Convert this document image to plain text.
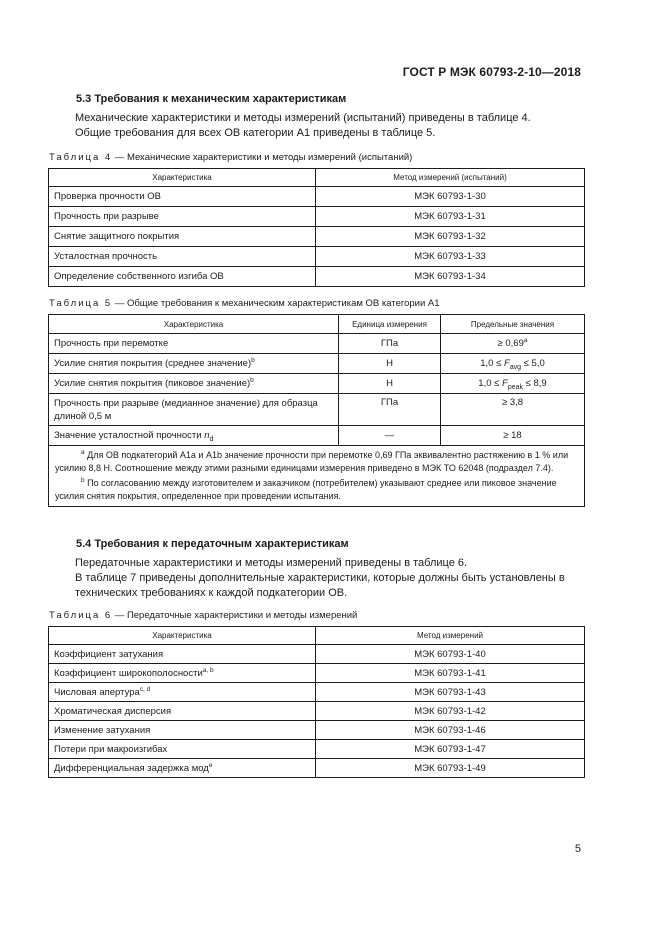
ГОСТ Р МЭК 60793-2-10—2018
5.3 Требования к механическим характеристикам
Механические характеристики и методы измерений (испытаний) приведены в таблице 4.
Общие требования для всех ОВ категории А1 приведены в таблице 5.
Таблица 4 — Механические характеристики и методы измерений (испытаний)
Характеристика	Метод измерений (испытаний)
Проверка прочности ОВ	МЭК 60793-1-30
Прочность при разрыве	МЭК 60793-1-31
Снятие защитного покрытия	МЭК 60793-1-32
Усталостная прочность	МЭК 60793-1-33
Определение собственного изгиба ОВ	МЭК 60793-1-34
Таблица 5 — Общие требования к механическим характеристикам ОВ категории А1
Характеристика	Единица измерения	Предельные значения
Прочность при перемотке	ГПа	≥ 0,69$^a$
Усилие снятия покрытия (среднее значение)$^b$	Н	$1,0 \le F_{avg} \le 5,0$
Усилие снятия покрытия (пиковое значение)$^b$	Н	$1,0 \le F_{peak} \le 8,9$
Прочность при разрыве (медианное значение) для образца длиной 0,5 м	ГПа	≥ 3,8
Значение усталостной прочности $n_d$	—	≥ 18

$^a$ Для ОВ подкатегорий А1а и А1b значение прочности при перемотке 0,69 ГПа эквивалентно растяжению в 1 % или усилию 8,8 Н. Соотношение между этими разными единицами измерения приведено в МЭК ТО 62048 (подраздел 7.4).
$^b$ По согласованию между изготовителем и заказчиком (потребителем) указывают среднее или пиковое значение усилия снятия покрытия, определенное при проведении испытания.		
5.4 Требования к передаточным характеристикам
Передаточные характеристики и методы измерений приведены в таблице 6.
В таблице 7 приведены дополнительные характеристики, которые должны быть установлены в технических требованиях к каждой подкатегории ОВ.
Таблица 6 — Передаточные характеристики и методы измерений
Характеристика	Метод измерений
Коэффициент затухания	МЭК 60793-1-40
Коэффициент широкополосности$^{a, b}$	МЭК 60793-1-41
Числовая апертура$^{c, d}$	МЭК 60793-1-43
Хроматическая дисперсия	МЭК 60793-1-42
Изменение затухания	МЭК 60793-1-46
Потери при макроизгибах	МЭК 60793-1-47
Дифференциальная задержка мод$^e$	МЭК 60793-1-49
5
